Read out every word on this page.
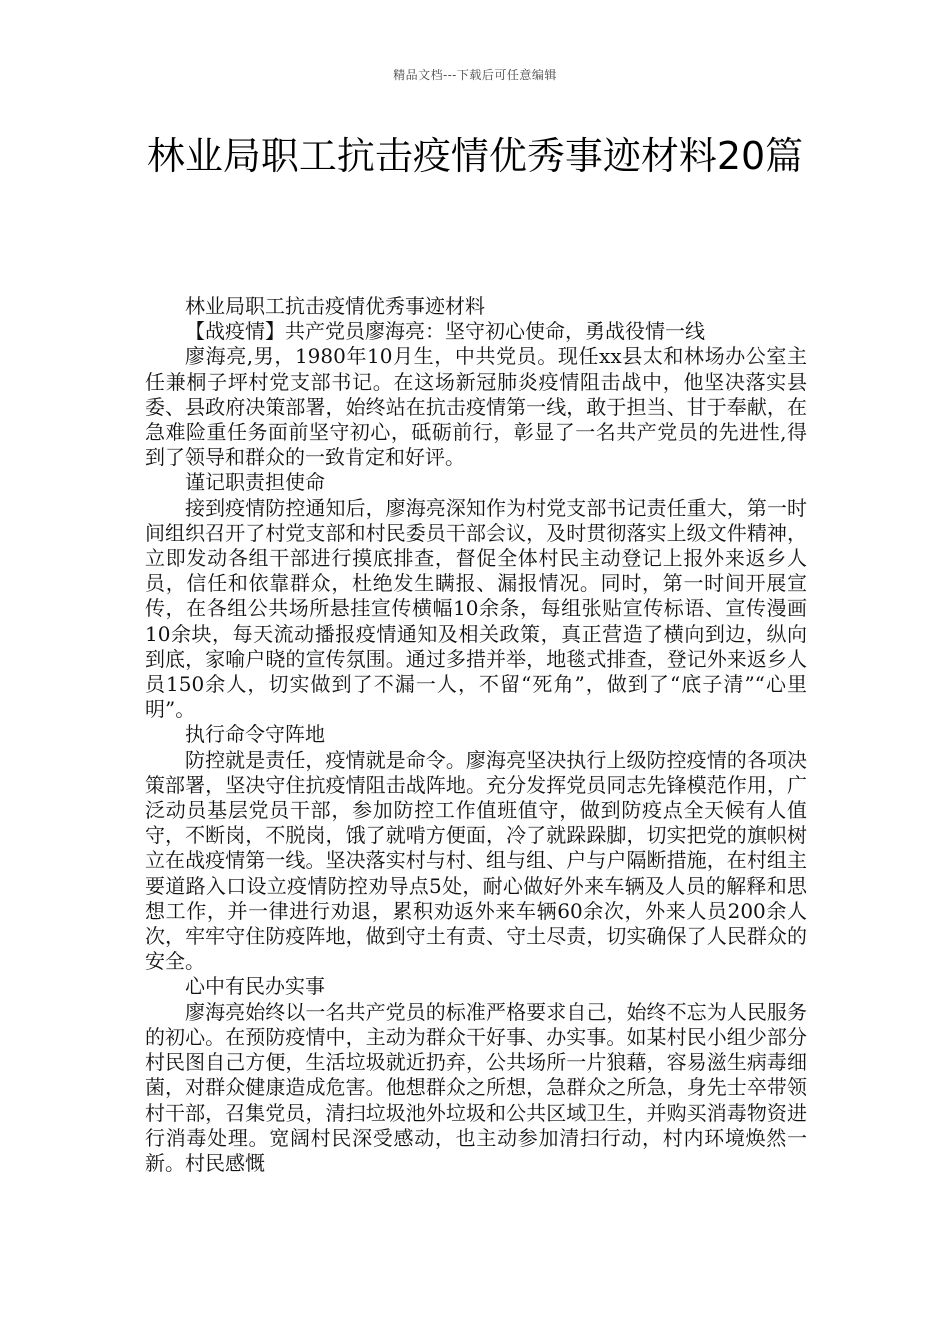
精品文档---下载后可任意编辑
林业局职工抗击疫情优秀事迹材料20篇

林业局职工抗击疫情优秀事迹材料

【战疫情】共产党员廖海亮：坚守初心使命，勇战役情一线

廖海亮,男，1980年10月生，中共党员。现任xx县太和林场办公室主任兼桐子坪村党支部书记。在这场新冠肺炎疫情阻击战中，他坚决落实县委、县政府决策部署，始终站在抗击疫情第一线，敢于担当、甘于奉献，在急难险重任务面前坚守初心，砥砺前行，彰显了一名共产党员的先进性,得到了领导和群众的一致肯定和好评。

谨记职责担使命

接到疫情防控通知后，廖海亮深知作为村党支部书记责任重大，第一时间组织召开了村党支部和村民委员干部会议，及时贯彻落实上级文件精神，立即发动各组干部进行摸底排查，督促全体村民主动登记上报外来返乡人员，信任和依靠群众，杜绝发生瞒报、漏报情况。同时，第一时间开展宣传，在各组公共场所悬挂宣传横幅10余条，每组张贴宣传标语、宣传漫画10余块，每天流动播报疫情通知及相关政策，真正营造了横向到边，纵向到底，家喻户晓的宣传氛围。通过多措并举，地毯式排查，登记外来返乡人员150余人，切实做到了不漏一人，不留“死角”，做到了“底子清”“心里明”。

执行命令守阵地

防控就是责任，疫情就是命令。廖海亮坚决执行上级防控疫情的各项决策部署，坚决守住抗疫情阻击战阵地。充分发挥党员同志先锋模范作用，广泛动员基层党员干部，参加防控工作值班值守，做到防疫点全天候有人值守，不断岗，不脱岗，饿了就啃方便面，冷了就跺跺脚，切实把党的旗帜树立在战疫情第一线。坚决落实村与村、组与组、户与户隔断措施，在村组主要道路入口设立疫情防控劝导点5处，耐心做好外来车辆及人员的解释和思想工作，并一律进行劝退，累积劝返外来车辆60余次，外来人员200余人次，牢牢守住防疫阵地，做到守土有责、守土尽责，切实确保了人民群众的安全。

心中有民办实事

廖海亮始终以一名共产党员的标准严格要求自己，始终不忘为人民服务的初心。在预防疫情中，主动为群众干好事、办实事。如某村民小组少部分村民图自己方便，生活垃圾就近扔弃，公共场所一片狼藉，容易滋生病毒细菌，对群众健康造成危害。他想群众之所想，急群众之所急，身先士卒带领村干部，召集党员，清扫垃圾池外垃圾和公共区域卫生，并购买消毒物资进行消毒处理。宽阔村民深受感动，也主动参加清扫行动，村内环境焕然一新。村民感慨
